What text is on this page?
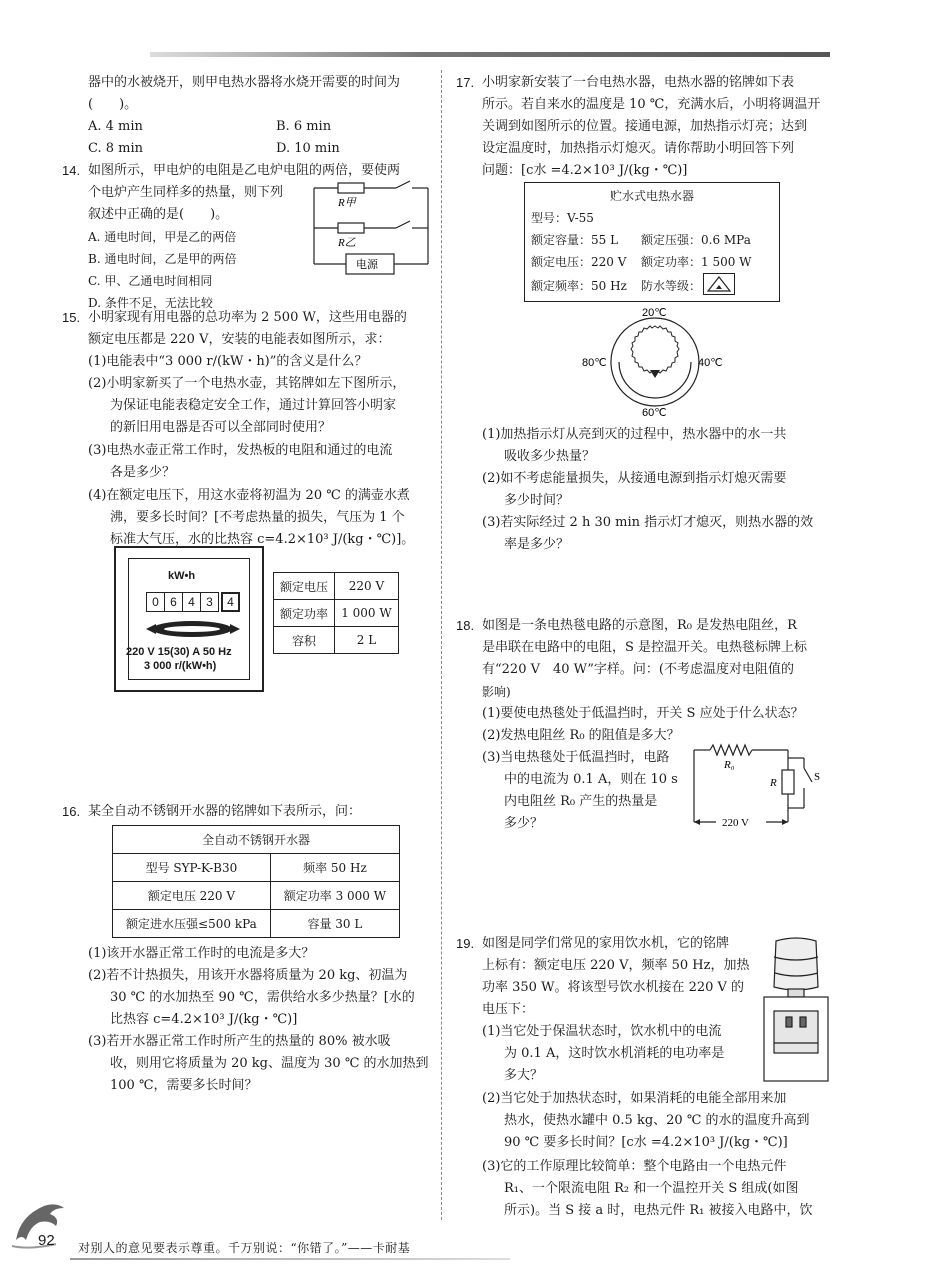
器中的水被烧开，则甲电热水器将水烧开需要的时间为
(　　)。
A. 4 min	B. 6 min
C. 8 min	D. 10 min
14. 如图所示，甲电炉的电阻是乙电炉电阻的两倍，要使两
个电炉产生同样多的热量，则下列
叙述中正确的是(　　)。
A. 通电时间，甲是乙的两倍
B. 通电时间，乙是甲的两倍
C. 甲、乙通电时间相同
D. 条件不足，无法比较
R甲
R乙
电源
15. 小明家现有用电器的总功率为 2 500 W，这些用电器的
额定电压都是 220 V，安装的电能表如图所示，求：
(1)电能表中“3 000 r/(kW・h)”的含义是什么？
(2)小明家新买了一个电热水壶，其铭牌如左下图所示，
为保证电能表稳定安全工作，通过计算回答小明家
的新旧用电器是否可以全部同时使用？
(3)电热水壶正常工作时，发热板的电阻和通过的电流
各是多少？
(4)在额定电压下，用这水壶将初温为 20 ℃ 的满壶水煮
沸，要多长时间？[不考虑热量的损失，气压为 1 个
标准大气压，水的比热容 c=4.2×10³ J/(kg・℃)]。
kW•h
0 6 4 3	4
220 V 15(30) A 50 Hz
3 000 r/(kW•h)
额定电压	220 V
额定功率	1 000 W
容积	2 L
16. 某全自动不锈钢开水器的铭牌如下表所示，问：
全自动不锈钢开水器	
型号 SYP-K-B30	频率 50 Hz
额定电压 220 V	额定功率 3 000 W
额定进水压强≤500 kPa	容量 30 L
(1)该开水器正常工作时的电流是多大？
(2)若不计热损失，用该开水器将质量为 20 kg、初温为
30 ℃ 的水加热至 90 ℃，需供给水多少热量？[水的
比热容 c=4.2×10³ J/(kg・℃)]
(3)若开水器正常工作时所产生的热量的 80% 被水吸
收，则用它将质量为 20 kg、温度为 30 ℃ 的水加热到
100 ℃，需要多长时间？
17. 小明家新安装了一台电热水器，电热水器的铭牌如下表
所示。若自来水的温度是 10 ℃，充满水后，小明将调温开
关调到如图所示的位置。接通电源，加热指示灯亮；达到
设定温度时，加热指示灯熄灭。请你帮助小明回答下列
问题：[c水 =4.2×10³ J/(kg・℃)]
贮水式电热水器
型号：V-55
额定容量：55 L 额定压强：0.6 MPa
额定电压：220 V 额定功率：1 500 W
额定频率：50 Hz 防水等级：
20℃
40℃
60℃
80℃
(1)加热指示灯从亮到灭的过程中，热水器中的水一共
吸收多少热量？
(2)如不考虑能量损失，从接通电源到指示灯熄灭需要
多少时间？
(3)若实际经过 2 h 30 min 指示灯才熄灭，则热水器的效
率是多少？
18. 如图是一条电热毯电路的示意图，R₀ 是发热电阻丝，R
是串联在电路中的电阻，S 是控温开关。电热毯标牌上标
有“220 V　40 W”字样。问：(不考虑温度对电阻值的
影响)
(1)要使电热毯处于低温挡时，开关 S 应处于什么状态？
(2)发热电阻丝 R₀ 的阻值是多大？
(3)当电热毯处于低温挡时，电路
中的电流为 0.1 A，则在 10 s
内电阻丝 R₀ 产生的热量是
多少？
R₀
R	S
220 V
19. 如图是同学们常见的家用饮水机，它的铭牌
上标有：额定电压 220 V，频率 50 Hz，加热
功率 350 W。将该型号饮水机接在 220 V 的
电压下：
(1)当它处于保温状态时，饮水机中的电流
为 0.1 A，这时饮水机消耗的电功率是
多大？
(2)当它处于加热状态时，如果消耗的电能全部用来加
热水，使热水罐中 0.5 kg、20 ℃ 的水的温度升高到
90 ℃ 要多长时间？[c水 =4.2×10³ J/(kg・℃)]
(3)它的工作原理比较简单：整个电路由一个电热元件
R₁、一个限流电阻 R₂ 和一个温控开关 S 组成(如图
所示)。当 S 接 a 时，电热元件 R₁ 被接入电路中，饮
92 对别人的意见要表示尊重。千万别说：“你错了。”——卡耐基
